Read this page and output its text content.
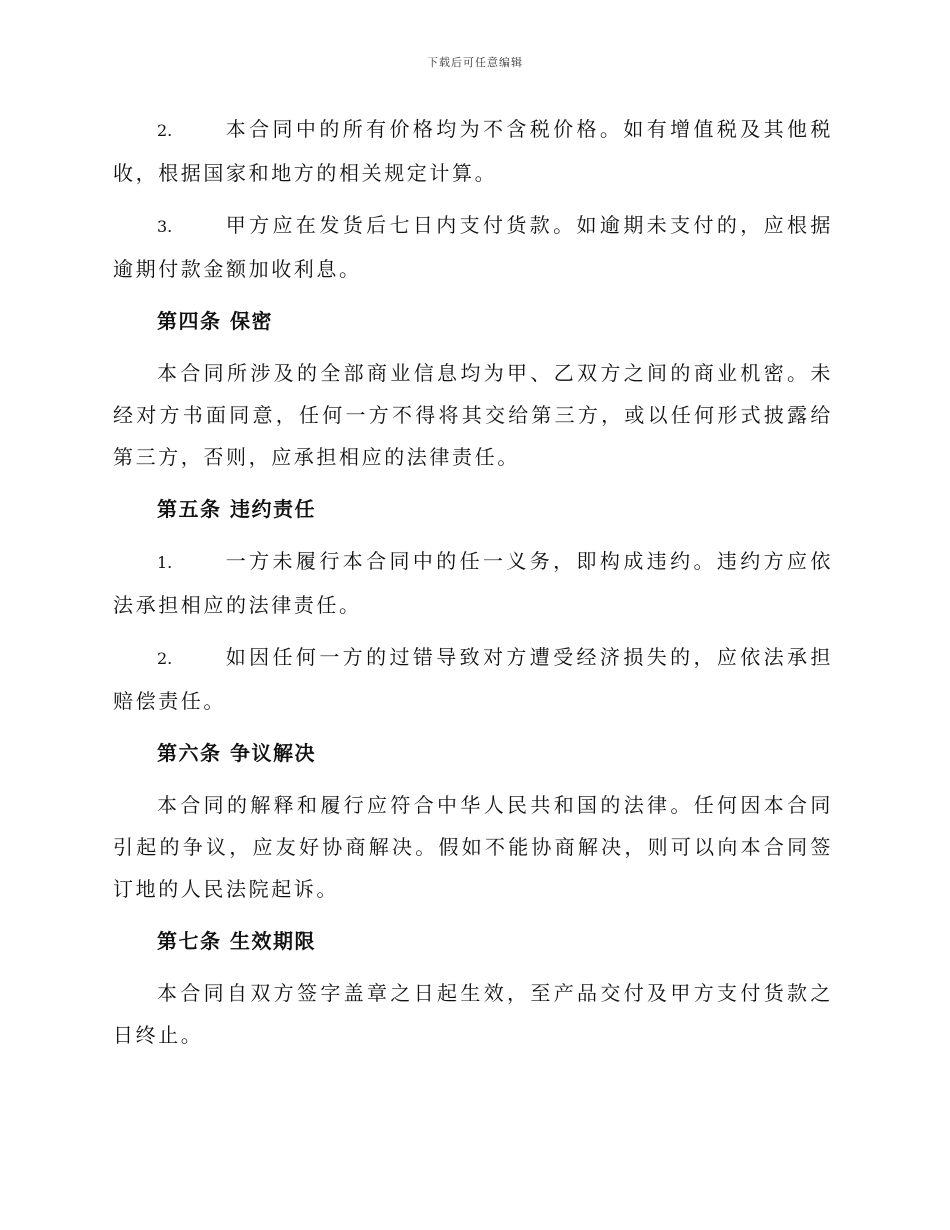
下载后可任意编辑

2.	本合同中的所有价格均为不含税价格。如有增值税及其他税收，根据国家和地方的相关规定计算。

3.	甲方应在发货后七日内支付货款。如逾期未支付的，应根据逾期付款金额加收利息。

第四条 保密

本合同所涉及的全部商业信息均为甲、乙双方之间的商业机密。未经对方书面同意，任何一方不得将其交给第三方，或以任何形式披露给第三方，否则，应承担相应的法律责任。

第五条 违约责任

1.	一方未履行本合同中的任一义务，即构成违约。违约方应依法承担相应的法律责任。

2.	如因任何一方的过错导致对方遭受经济损失的，应依法承担赔偿责任。

第六条 争议解决

本合同的解释和履行应符合中华人民共和国的法律。任何因本合同引起的争议，应友好协商解决。假如不能协商解决，则可以向本合同签订地的人民法院起诉。

第七条 生效期限

本合同自双方签字盖章之日起生效，至产品交付及甲方支付货款之日终止。
